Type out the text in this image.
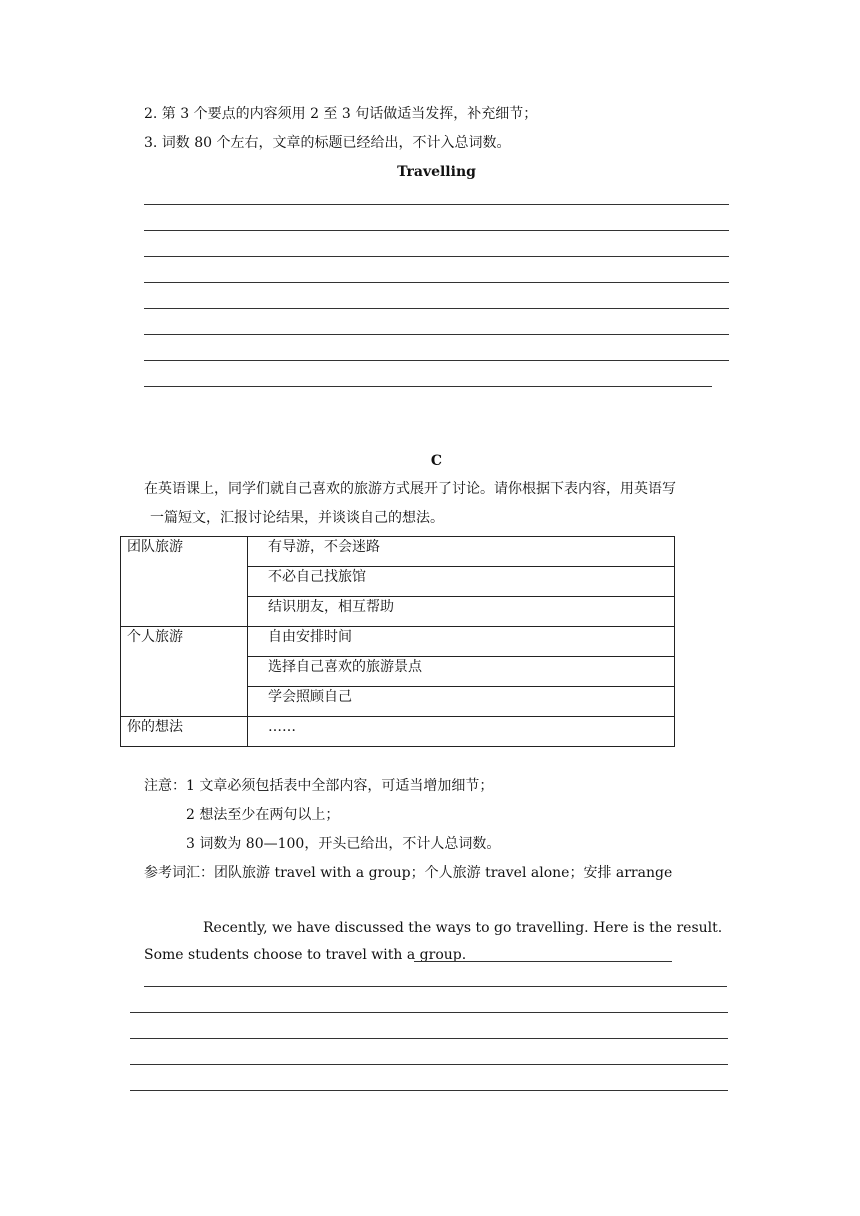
2. 第 3 个要点的内容须用 2 至 3 句话做适当发挥，补充细节；
3. 词数 80 个左右，文章的标题已经给出，不计入总词数。
Travelling
C
在英语课上，同学们就自己喜欢的旅游方式展开了讨论。请你根据下表内容，用英语写
一篇短文，汇报讨论结果，并谈谈自己的想法。
团队旅游	有导游，不会迷路
	不必自己找旅馆
	结识朋友，相互帮助
个人旅游	自由安排时间
	选择自己喜欢的旅游景点
	学会照顾自己
你的想法	……
注意：1 文章必须包括表中全部内容，可适当增加细节；
2 想法至少在两句以上；
3 词数为 80—100，开头已给出，不计人总词数。
参考词汇：团队旅游 travel with a group；个人旅游 travel alone；安排 arrange
Recently, we have discussed the ways to go travelling. Here is the result.
Some students choose to travel with a group.
